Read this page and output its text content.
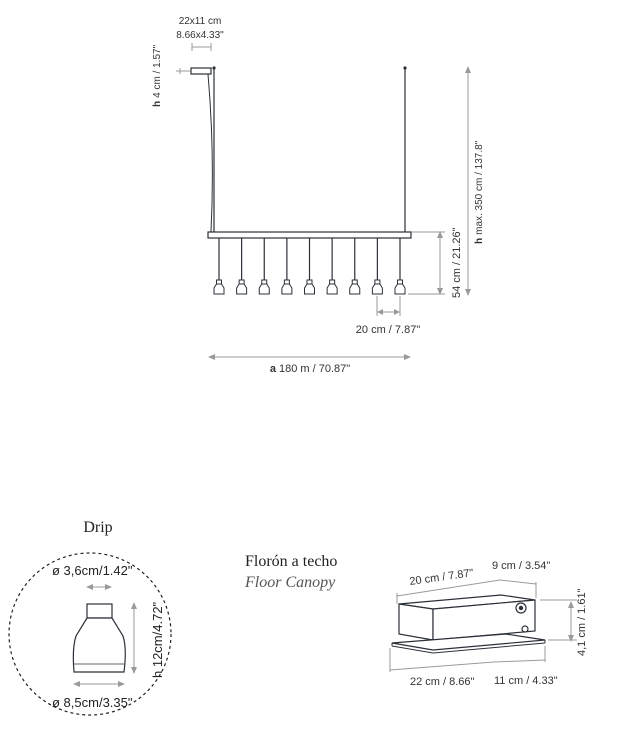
22x11 cm
8.66x4.33"
h4 cm / 1.57"
hmax. 350 cm / 137.8"
54 cm / 21.26"
20 cm / 7.87"
a 180 m / 70.87"
Drip
ø 3,6cm/1.42"
h 12cm/4.72"
ø 8,5cm/3.35"
Florón a techo
Floor Canopy	20 cm / 7.87"
9 cm / 3.54"
4,1 cm / 1.61"
22 cm / 8.66" 11 cm / 4.33"
